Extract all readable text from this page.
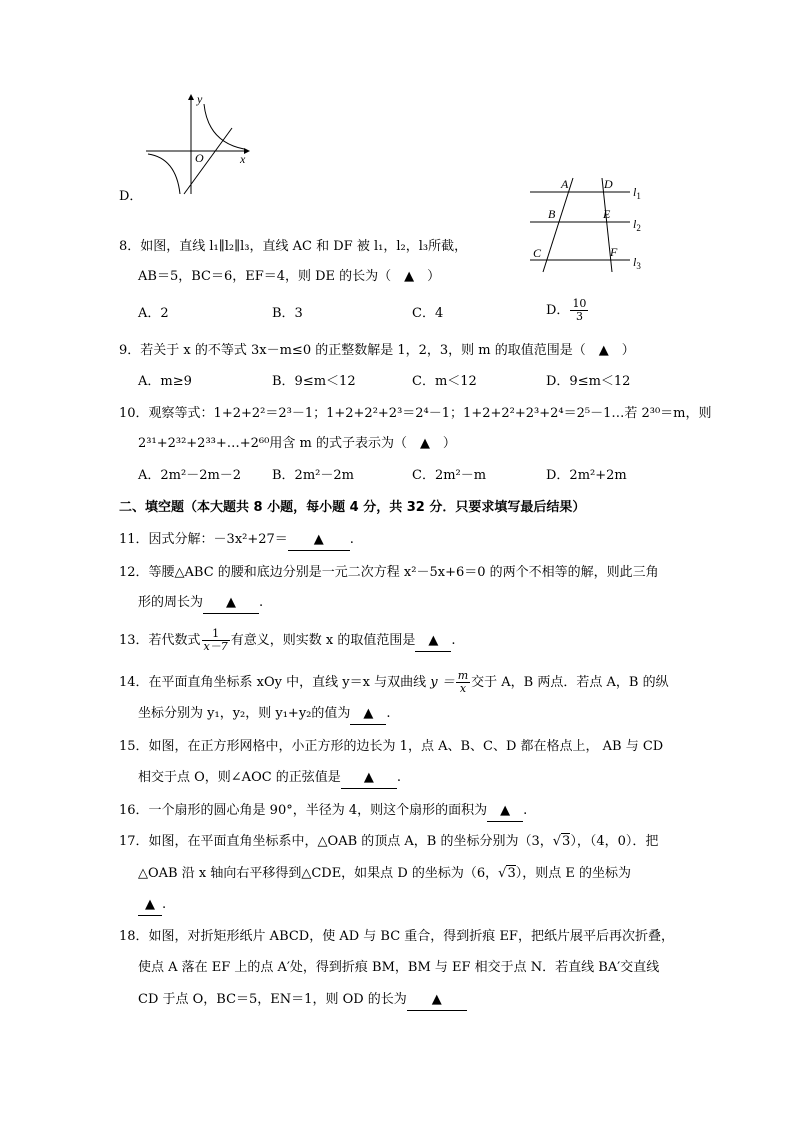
y
O	x
D．
A	D
B	E
C	F
$l_1$
$l_2$
$l_3$
8．如图，直线 l₁∥l₂∥l₃，直线 AC 和 DF 被 l₁，l₂，l₃所截，
AB＝5，BC＝6，EF＝4，则 DE 的长为（　▲　）
A．2	B．3	C．4	D． $\frac{10}{3}$
9．若关于 x 的不等式 3x－m≤0 的正整数解是 1，2，3，则 m 的取值范围是（　▲　）
A．m≥9	B．9≤m＜12	C．m＜12	D．9≤m＜12
10．观察等式：1+2+2²＝2³－1；1+2+2²+2³＝2⁴－1；1+2+2²+2³+2⁴＝2⁵－1…若 2³⁰＝m，则
2³¹+2³²+2³³+…+2⁶⁰用含 m 的式子表示为（　▲　）
A．2m²－2m－2 B．2m²－2m	C．2m²－m	D．2m²+2m
二、填空题（本大题共 8 小题，每小题 4 分，共 32 分．只要求填写最后结果）
11．因式分解：－3x²+27＝ ▲ .
12．等腰△ABC 的腰和底边分别是一元二次方程 x²－5x+6＝0 的两个不相等的解，则此三角
形的周长为 ▲ .
13．若代数式 $\frac{1}{x-7}$ 有意义，则实数 x 的取值范围是 ▲ .
14．在平面直角坐标系 xOy 中，直线 y＝x 与双曲线 $y = \frac{m}{x}$ 交于 A，B 两点．若点 A，B 的纵
坐标分别为 y₁，y₂，则 y₁+y₂的值为 ▲ .
15．如图，在正方形网格中，小正方形的边长为 1，点 A、B、C、D 都在格点上， AB 与 CD
相交于点 O，则∠AOC 的正弦值是 ▲ .
16．一个扇形的圆心角是 90°，半径为 4，则这个扇形的面积为 ▲ .
17．如图，在平面直角坐标系中，△OAB 的顶点 A，B 的坐标分别为（3，√3），（4，0）．把
△OAB 沿 x 轴向右平移得到△CDE，如果点 D 的坐标为（6，√3），则点 E 的坐标为
▲ .
18．如图，对折矩形纸片 ABCD，使 AD 与 BC 重合，得到折痕 EF，把纸片展平后再次折叠，
使点 A 落在 EF 上的点 A′处，得到折痕 BM，BM 与 EF 相交于点 N．若直线 BA′交直线
CD 于点 O，BC＝5，EN＝1，则 OD 的长为 ▲
